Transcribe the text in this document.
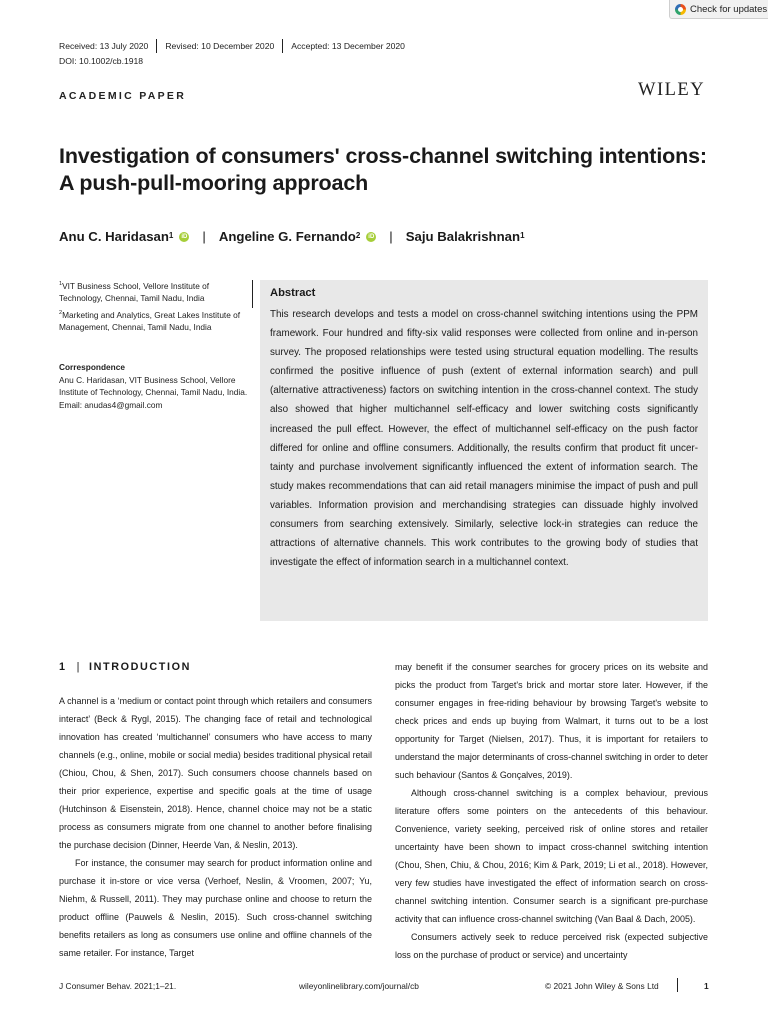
Check for updates
Received: 13 July 2020 Revised: 10 December 2020 Accepted: 13 December 2020
DOI: 10.1002/cb.1918
ACADEMIC PAPER	WILEY
Investigation of consumers' cross-channel switching intentions:
A push-pull-mooring approach
Anu C. Haridasan$^1$	iD | Angeline G. Fernando$^2$	iD | Saju Balakrishnan$^1$
$^1$VIT Business School, Vellore Institute of Technology, Chennai, Tamil Nadu, India
$^2$Marketing and Analytics, Great Lakes Institute of Management, Chennai, Tamil Nadu, India
Correspondence
Anu C. Haridasan, VIT Business School, Vellore Institute of Technology, Chennai, Tamil Nadu, India.
Email: anudas4@gmail.com
Abstract
This research develops and tests a model on cross-channel switching intentions using the PPM framework. Four hundred and fifty-six valid responses were collected from online and in-person survey. The proposed relationships were tested using structural equation modelling. The results confirmed the positive influence of push (extent of external information search) and pull (alternative attractiveness) factors on switching intention in the cross-channel context. The study also showed that higher multichannel self-efficacy and lower switching costs significantly increased the pull effect. However, the effect of multichannel self-efficacy on the push factor differed for online and offline consumers. Additionally, the results confirm that product fit uncertainty and purchase involvement significantly influenced the extent of information search. The study makes recommendations that can aid retail managers minimise the impact of push and pull variables. Information provision and merchandising strategies can dissuade highly involved consumers from searching extensively. Similarly, selective lock-in strategies can reduce the attractions of alternative channels. This work contributes to the growing body of studies that investigate the effect of information search in a multichannel context.
1 | INTRODUCTION

A channel is a ‘medium or contact point through which retailers and consumers interact’ (Beck & Rygl, 2015). The changing face of retail and technological innovation has created ‘multichannel’ consumers who have access to many channels (e.g., online, mobile or social media) besides traditional physical retail (Chiou, Chou, & Shen, 2017). Such consumers choose channels based on their prior experience, expertise and specific goals at the time of usage (Hutchinson & Eisenstein, 2018). Hence, channel choice may not be a static process as consumers migrate from one channel to another before finalising the purchase decision (Dinner, Heerde Van, & Neslin, 2013).

For instance, the consumer may search for product information online and purchase it in-store or vice versa (Verhoef, Neslin, & Vroomen, 2007; Yu, Niehm, & Russell, 2011). They may purchase online and choose to return the product offline (Pauwels & Neslin, 2015). Such cross-channel switching benefits retailers as long as consumers use online and offline channels of the same retailer. For instance, Target

may benefit if the consumer searches for grocery prices on its website and picks the product from Target's brick and mortar store later. However, if the consumer engages in free-riding behaviour by browsing Target's website to check prices and ends up buying from Walmart, it turns out to be a lost opportunity for Target (Nielsen, 2017). Thus, it is important for retailers to understand the major determinants of cross-channel switching in order to deter such behaviour (Santos & Gonçalves, 2019).

Although cross-channel switching is a complex behaviour, previous literature offers some pointers on the antecedents of this behaviour. Convenience, variety seeking, perceived risk of online stores and retailer uncertainty have been shown to impact cross-channel switching intention (Chou, Shen, Chiu, & Chou, 2016; Kim & Park, 2019; Li et al., 2018). However, very few studies have investigated the effect of information search on cross-channel switching intention. Consumer search is a significant pre-purchase activity that can influence cross-channel switching (Van Baal & Dach, 2005).

Consumers actively seek to reduce perceived risk (expected subjective loss on the purchase of product or service) and uncertainty

J Consumer Behav. 2021;1–21.	wileyonlinelibrary.com/journal/cb	© 2021 John Wiley & Sons Ltd	1
